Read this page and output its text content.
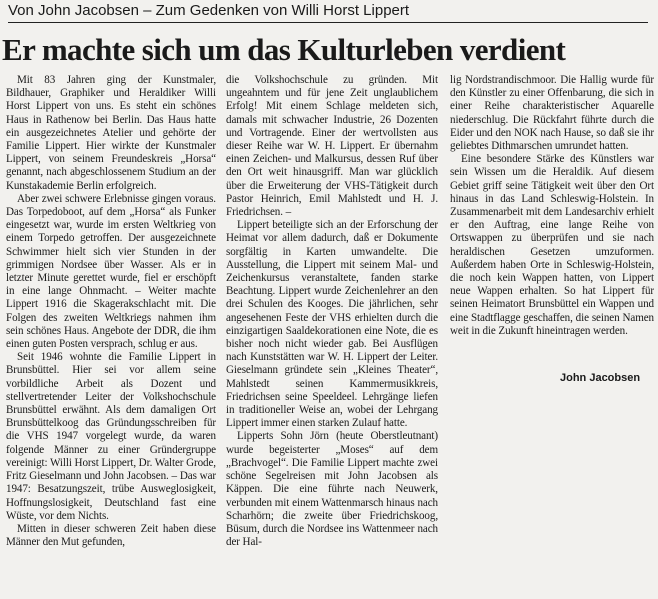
Von John Jacobsen – Zum Gedenken von Willi Horst Lippert
Er machte sich um das Kulturleben verdient

Mit 83 Jahren ging der Kunstmaler, Bildhauer, Graphiker und Heraldiker Willi Horst Lippert von uns. Es steht ein schönes Haus in Rathenow bei Berlin. Das Haus hatte ein ausgezeichnetes Atelier und gehörte der Familie Lippert. Hier wirkte der Kunstmaler Lippert, von seinem Freundeskreis „Horsa“ genannt, nach abgeschlossenem Studium an der Kunstakademie Berlin erfolgreich.

Aber zwei schwere Erlebnisse gingen voraus. Das Torpedoboot, auf dem „Horsa“ als Funker eingesetzt war, wurde im ersten Weltkrieg von einem Torpedo getroffen. Der ausgezeichnete Schwimmer hielt sich vier Stunden in der grimmigen Nordsee über Wasser. Als er in letzter Minute gerettet wurde, fiel er erschöpft in eine lange Ohnmacht. – Weiter machte Lippert 1916 die Skagerakschlacht mit. Die Folgen des zweiten Weltkriegs nahmen ihm sein schönes Haus. Angebote der DDR, die ihm einen guten Posten versprach, schlug er aus.

Seit 1946 wohnte die Familie Lippert in Brunsbüttel. Hier sei vor allem seine vorbildliche Arbeit als Dozent und stellvertretender Leiter der Volkshochschule Brunsbüttel erwähnt. Als dem damaligen Ort Brunsbüttelkoog das Gründungsschreiben für die VHS 1947 vorgelegt wurde, da waren folgende Männer zu einer Gründergruppe vereinigt: Willi Horst Lippert, Dr. Walter Grode, Fritz Gieselmann und John Jacobsen. – Das war 1947: Besatzungszeit, trübe Ausweglosigkeit, Hoffnungslosigkeit, Deutschland fast eine Wüste, vor dem Nichts.

Mitten in dieser schweren Zeit haben diese Männer den Mut gefunden,

die Volkshochschule zu gründen. Mit ungeahntem und für jene Zeit unglaublichem Erfolg! Mit einem Schlage meldeten sich, damals mit schwacher Industrie, 26 Dozenten und Vortragende. Einer der wertvollsten aus dieser Reihe war W. H. Lippert. Er übernahm einen Zeichen- und Malkursus, dessen Ruf über den Ort weit hinausgriff. Man war glücklich über die Erweiterung der VHS-Tätigkeit durch Pastor Heinrich, Emil Mahlstedt und H. J. Friedrichsen. –

Lippert beteiligte sich an der Erforschung der Heimat vor allem dadurch, daß er Dokumente sorgfältig in Karten umwandelte. Die Ausstellung, die Lippert mit seinem Mal- und Zeichenkursus veranstaltete, fanden starke Beachtung. Lippert wurde Zeichenlehrer an den drei Schulen des Kooges. Die jährlichen, sehr angesehenen Feste der VHS erhielten durch die einzigartigen Saaldekorationen eine Note, die es bisher noch nicht wieder gab. Bei Ausflügen nach Kunststätten war W. H. Lippert der Leiter. Gieselmann gründete sein „Kleines Theater“, Mahlstedt seinen Kammermusikkreis, Friedrichsen seine Speeldeel. Lehrgänge liefen in traditioneller Weise an, wobei der Lehrgang Lippert immer einen starken Zulauf hatte.

Lipperts Sohn Jörn (heute Oberstleutnant) wurde begeisterter „Moses“ auf dem „Brachvogel“. Die Familie Lippert machte zwei schöne Segelreisen mit John Jacobsen als Käppen. Die eine führte nach Neuwerk, verbunden mit einem Wattenmarsch hinaus nach Scharhörn; die zweite über Friedrichskoog, Büsum, durch die Nordsee ins Wattenmeer nach der Hal-

lig Nordstrandischmoor. Die Hallig wurde für den Künstler zu einer Offenbarung, die sich in einer Reihe charakteristischer Aquarelle niederschlug. Die Rückfahrt führte durch die Eider und den NOK nach Hause, so daß sie ihr geliebtes Dithmarschen umrundet hatten.

Eine besondere Stärke des Künstlers war sein Wissen um die Heraldik. Auf diesem Gebiet griff seine Tätigkeit weit über den Ort hinaus in das Land Schleswig-Holstein. In Zusammenarbeit mit dem Landesarchiv erhielt er den Auftrag, eine lange Reihe von Ortswappen zu überprüfen und sie nach heraldischen Gesetzen umzuformen. Außerdem haben Orte in Schleswig-Holstein, die noch kein Wappen hatten, von Lippert neue Wappen erhalten. So hat Lippert für seinen Heimatort Brunsbüttel ein Wappen und eine Stadtflagge geschaffen, die seinen Namen weit in die Zukunft hineintragen werden.

John Jacobsen
